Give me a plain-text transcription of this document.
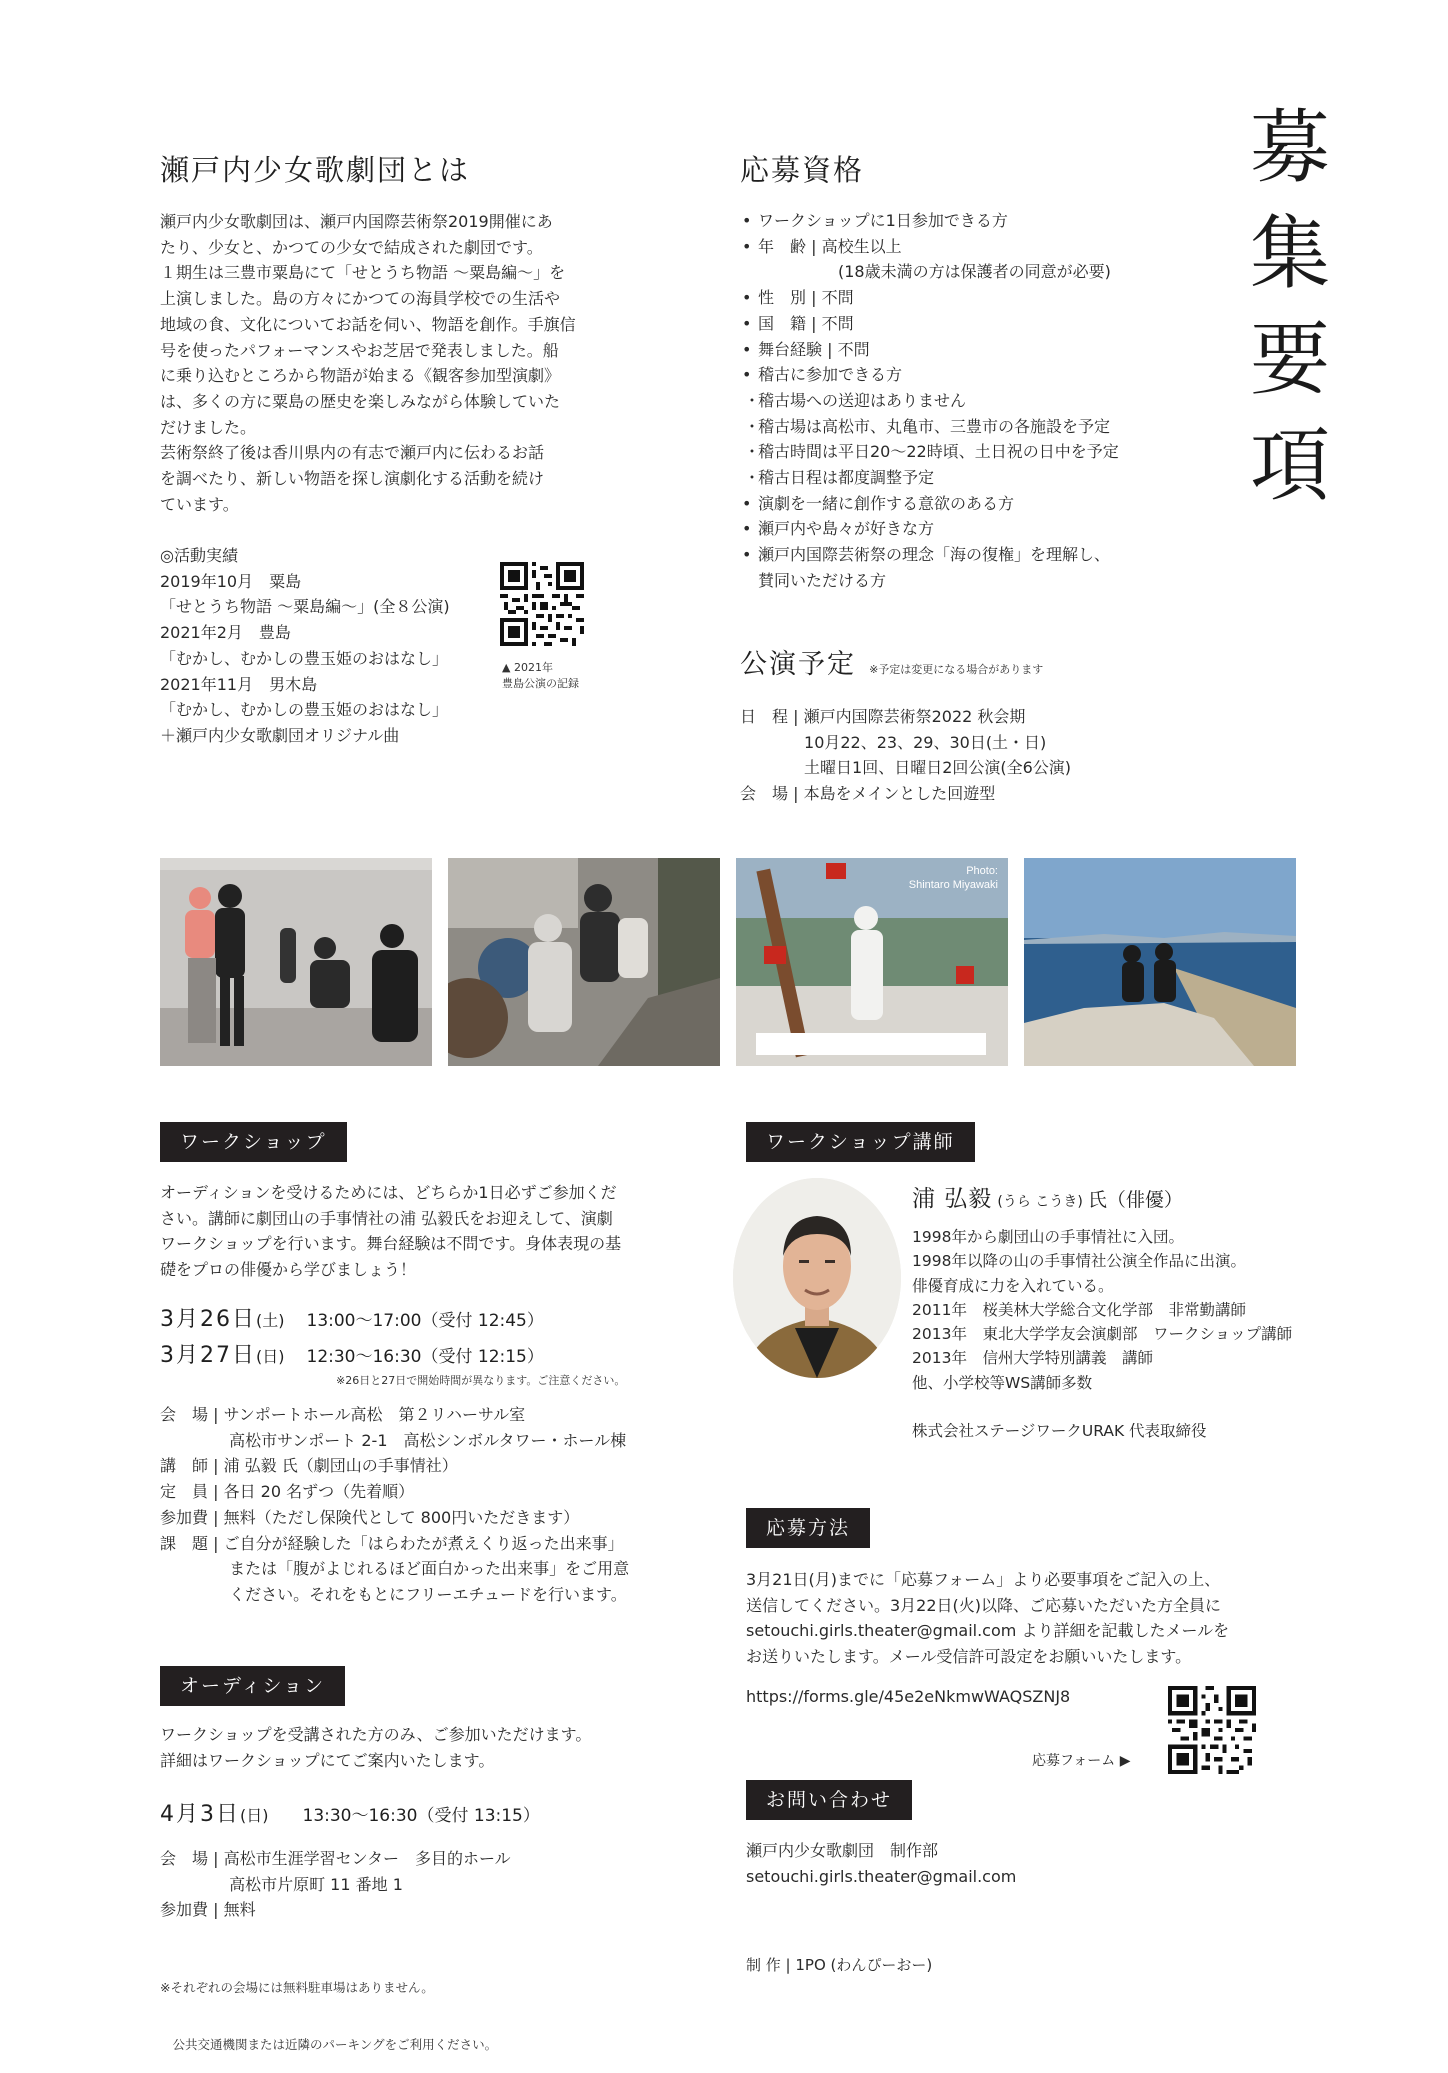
募
集
要
項
瀬戸内少女歌劇団とは

瀬戸内少女歌劇団は、瀬戸内国際芸術祭2019開催にあ

たり、少女と、かつての少女で結成された劇団です。

１期生は三豊市粟島にて「せとうち物語 〜粟島編〜」を

上演しました。島の方々にかつての海員学校での生活や

地域の食、文化についてお話を伺い、物語を創作。手旗信

号を使ったパフォーマンスやお芝居で発表しました。船

に乗り込むところから物語が始まる《観客参加型演劇》

は、多くの方に粟島の歴史を楽しみながら体験していた

だけました。

芸術祭終了後は香川県内の有志で瀬戸内に伝わるお話

を調べたり、新しい物語を探し演劇化する活動を続け

ています。

◎活動実績

2019年10月　粟島

「せとうち物語 〜粟島編〜」(全８公演)

2021年2月　豊島

「むかし、むかしの豊玉姫のおはなし」

2021年11月　男木島

「むかし、むかしの豊玉姫のおはなし」

＋瀬戸内少女歌劇団オリジナル曲

▲ 2021年
豊島公演の記録
応募資格
• ワークショップに1日参加できる方
• 年　齢 | 高校生以上
　　　　　(18歳未満の方は保護者の同意が必要)
• 性　別 | 不問
• 国　籍 | 不問
• 舞台経験 | 不問
• 稽古に参加できる方
・ 稽古場への送迎はありません
・ 稽古場は高松市、丸亀市、三豊市の各施設を予定
・ 稽古時間は平日20〜22時頃、土日祝の日中を予定
・ 稽古日程は都度調整予定
• 演劇を一緒に創作する意欲のある方
• 瀬戸内や島々が好きな方
• 瀬戸内国際芸術祭の理念「海の復権」を理解し、
賛同いただける方
公演予定 ※予定は変更になる場合があります
日　程 | 瀬戸内国際芸術祭2022 秋会期

10月22、23、29、30日(土・日)

土曜日1回、日曜日2回公演(全6公演)
会　場 | 本島をメインとした回遊型
Photo:
Shintaro Miyawaki
ワークショップ

オーディションを受けるためには、どちらか1日必ずご参加くだ

さい。講師に劇団山の手事情社の浦 弘毅氏をお迎えして、演劇

ワークショップを行います。舞台経験は不問です。身体表現の基

礎をプロの俳優から学びましょう！

3月26日(土) 13:00〜17:00（受付 12:45）
3月27日(日) 12:30〜16:30（受付 12:15）
※26日と27日で開始時間が異なります。ご注意ください。
会　場 | サンポートホール高松　第２リハーサル室

高松市サンポート 2-1　高松シンボルタワー・ホール棟
講　師 | 浦 弘毅 氏（劇団山の手事情社）
定　員 | 各日 20 名ずつ（先着順）
参加費 | 無料（ただし保険代として 800円いただきます）
課　題 | ご自分が経験した「はらわたが煮えくり返った出来事」

または「腹がよじれるほど面白かった出来事」をご用意

ください。それをもとにフリーエチュードを行います。
オーディション

ワークショップを受講された方のみ、ご参加いただけます。

詳細はワークショップにてご案内いたします。

4月3日(日) 13:30〜16:30（受付 13:15）
会　場 | 高松市生涯学習センター　多目的ホール

高松市片原町 11 番地 1
参加費 | 無料

※それぞれの会場には無料駐車場はありません。

　公共交通機関または近隣のパーキングをご利用ください。

ワークショップ講師
浦 弘毅 (うら こうき) 氏（俳優）

1998年から劇団山の手事情社に入団。

1998年以降の山の手事情社公演全作品に出演。

俳優育成に力を入れている。

2011年　桜美林大学総合文化学部　非常勤講師

2013年　東北大学学友会演劇部　ワークショップ講師

2013年　信州大学特別講義　講師

他、小学校等WS講師多数

株式会社ステージワークURAK 代表取締役

応募方法

3月21日(月)までに「応募フォーム」より必要事項をご記入の上、

送信してください。3月22日(火)以降、ご応募いただいた方全員に

setouchi.girls.theater@gmail.com より詳細を記載したメールを

お送りいたします。メール受信許可設定をお願いいたします。

https://forms.gle/45e2eNkmwWAQSZNJ8
応募フォーム ▶
お問い合わせ

瀬戸内少女歌劇団　制作部

setouchi.girls.theater@gmail.com

制 作 | 1PO (わんぴーおー)
